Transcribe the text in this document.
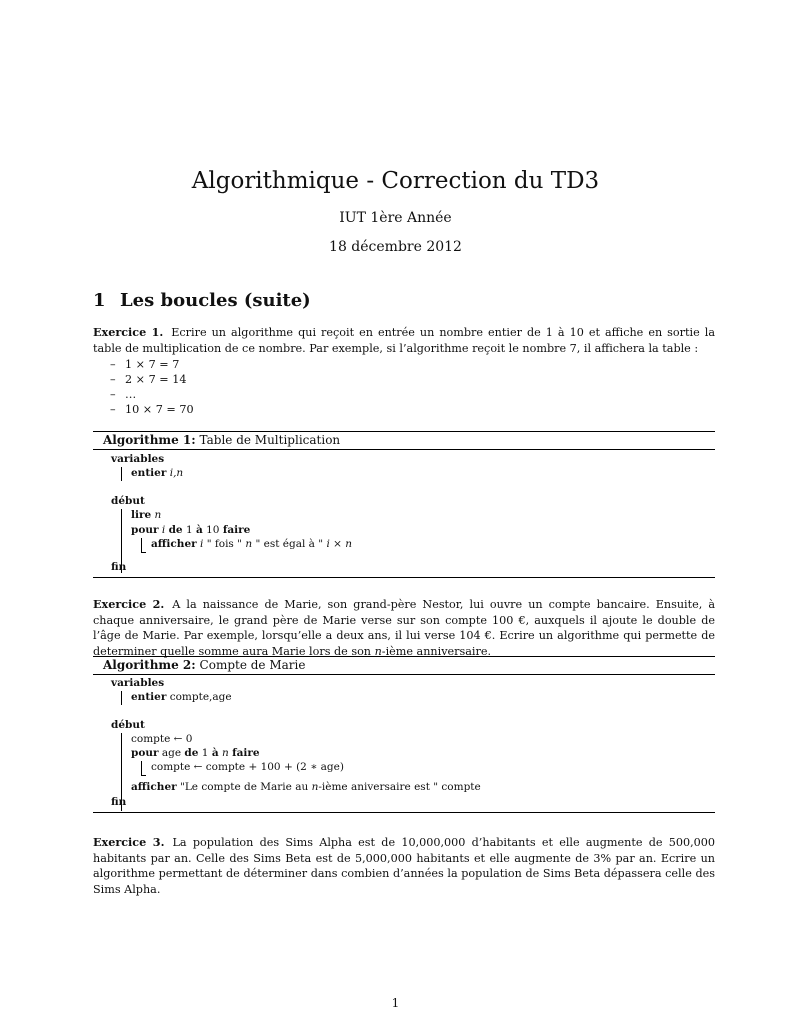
Algorithmique - Correction du TD3
IUT 1ère Année
18 décembre 2012
1 Les boucles (suite)
Exercice 1. Ecrire un algorithme qui reçoit en entrée un nombre entier de 1 à 10 et affiche en sortie la table de multiplication de ce nombre. Par exemple, si l’algorithme reçoit le nombre 7, il affichera la table :
– 1 × 7 = 7
– 2 × 7 = 14
– …
– 10 × 7 = 70
Algorithme 1: Table de Multiplication
variables
entier i,n
début
lire n
pour i de 1 à 10 faire
afficher i " fois " n " est égal à " i × n
fin
Exercice 2. A la naissance de Marie, son grand-père Nestor, lui ouvre un compte bancaire. Ensuite, à chaque anniversaire, le grand père de Marie verse sur son compte 100 €, auxquels il ajoute le double de l’âge de Marie. Par exemple, lorsqu’elle a deux ans, il lui verse 104 €. Ecrire un algorithme qui permette de determiner quelle somme aura Marie lors de son n-ième anniversaire.
Algorithme 2: Compte de Marie
variables
entier compte,age
début
compte ← 0
pour age de 1 à n faire
compte ← compte + 100 + (2 ∗ age)
afficher "Le compte de Marie au n-ième aniversaire est " compte
fin
Exercice 3. La population des Sims Alpha est de 10,000,000 d’habitants et elle augmente de 500,000 habitants par an. Celle des Sims Beta est de 5,000,000 habitants et elle augmente de 3% par an. Ecrire un algorithme permettant de déterminer dans combien d’années la population de Sims Beta dépassera celle des Sims Alpha.
1
